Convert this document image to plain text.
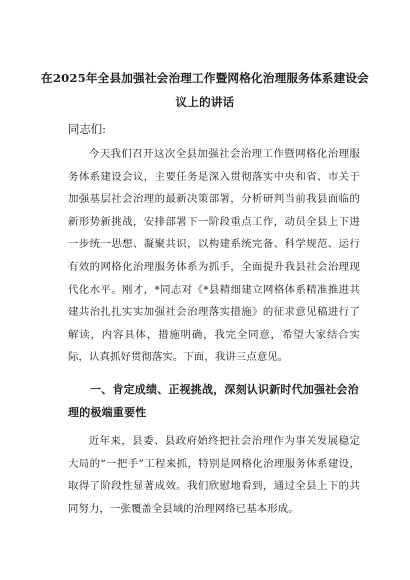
在2025年全县加强社会治理工作暨网格化治理服务体系建设会议上的讲话
同志们:
今天我们召开这次全县加强社会治理工作暨网格化治理服务体系建设会议，主要任务是深入贯彻落实中央和省、市关于加强基层社会治理的最新决策部署，分析研判当前我县面临的新形势新挑战，安排部署下一阶段重点工作，动员全县上下进一步统一思想、凝聚共识，以构建系统完备、科学规范、运行有效的网格化治理服务体系为抓手，全面提升我县社会治理现代化水平。刚才，*同志对《*县精细建立网格体系精准推进共建共治扎扎实实加强社会治理落实措施》的征求意见稿进行了解读，内容具体，措施明确，我完全同意，希望大家结合实际，认真抓好贯彻落实。下面，我讲三点意见。
一、肯定成绩、正视挑战，深刻认识新时代加强社会治理的极端重要性
近年来，县委、县政府始终把社会治理作为事关发展稳定大局的“一把手”工程来抓，特别是网格化治理服务体系建设，取得了阶段性显著成效。我们欣慰地看到，通过全县上下的共同努力，一张覆盖全县域的治理网络已基本形成。
